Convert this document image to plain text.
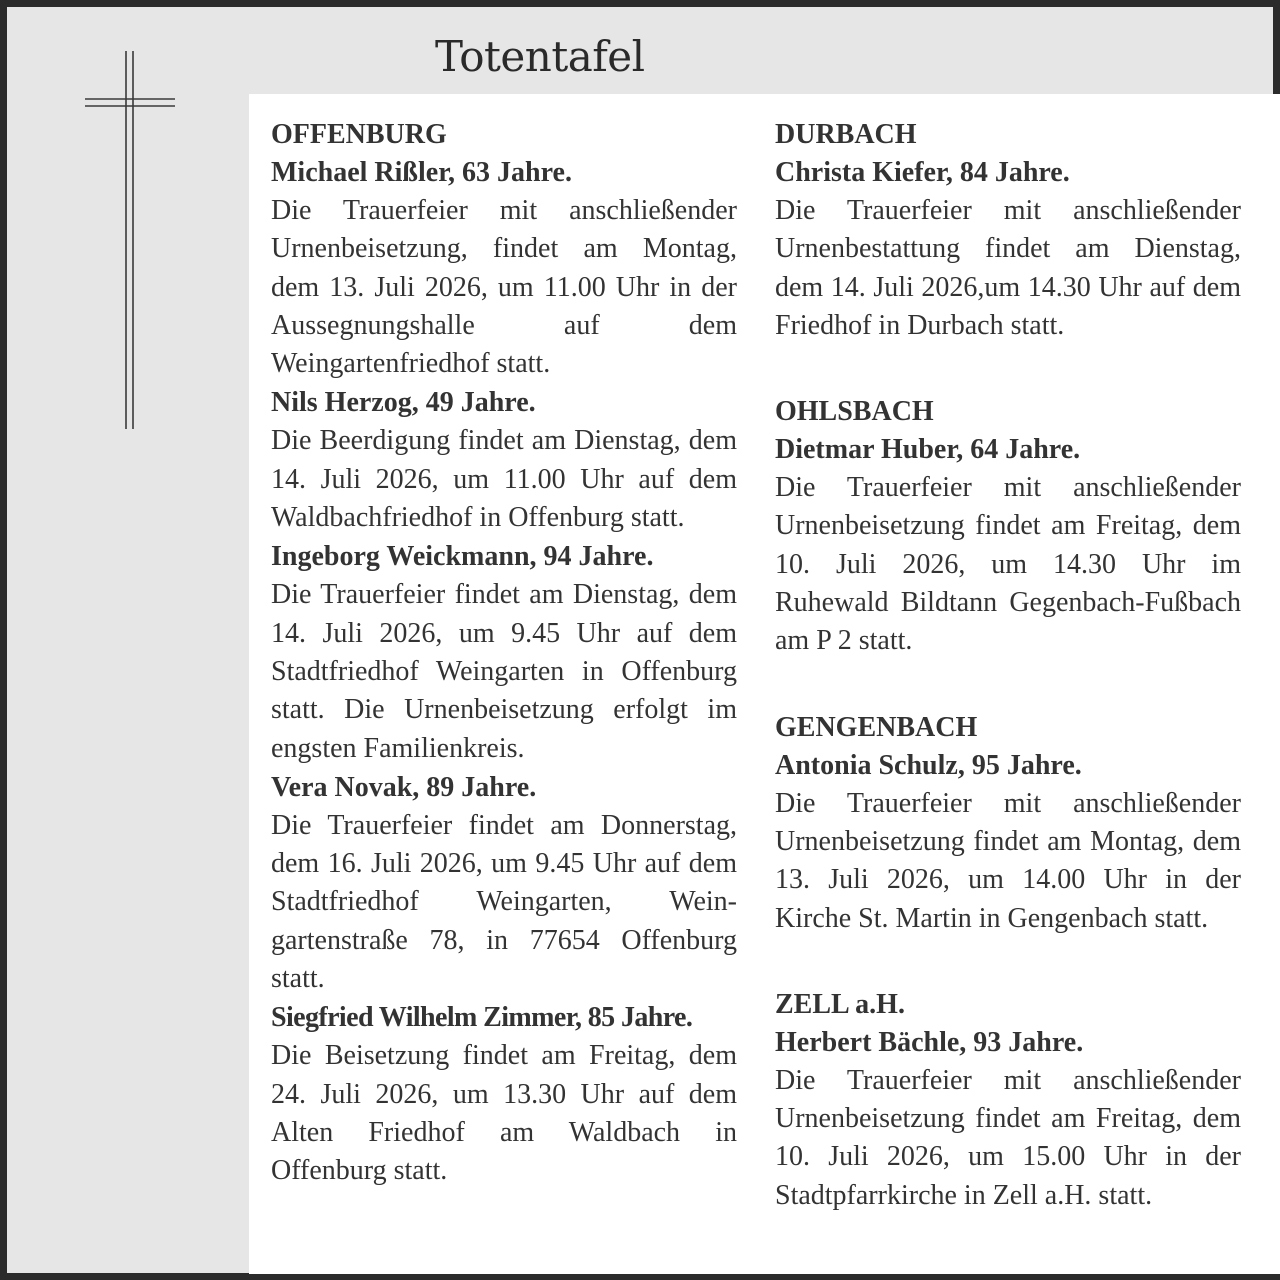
Totentafel

OFFENBURG

Michael Rißler, 63 Jahre.

Die Trauerfeier mit anschließender Urnenbeisetzung, findet am Montag, dem 13. Juli 2026, um 11.00 Uhr in der Aussegnungshalle auf dem Weingartenfriedhof statt.

Nils Herzog, 49 Jahre.

Die Beerdigung findet am Dienstag, dem 14. Juli 2026, um 11.00 Uhr auf dem Waldbachfriedhof in Offenburg statt.

Ingeborg Weickmann, 94 Jahre.

Die Trauerfeier findet am Dienstag, dem 14. Juli 2026, um 9.45 Uhr auf dem Stadtfriedhof Weingarten in Offenburg statt. Die Urnenbeisetzung erfolgt im engsten Familienkreis.

Vera Novak, 89 Jahre.

Die Trauerfeier findet am Donnerstag, dem 16. Juli 2026, um 9.45 Uhr auf dem Stadtfriedhof Weingarten, Weingartenstraße 78, in 77654 Offenburg statt.

Siegfried Wilhelm Zimmer, 85 Jahre.

Die Beisetzung findet am Freitag, dem 24. Juli 2026, um 13.30 Uhr auf dem Alten Friedhof am Waldbach in Offenburg statt.

DURBACH

Christa Kiefer, 84 Jahre.

Die Trauerfeier mit anschließender Urnenbestattung findet am Dienstag, dem 14. Juli 2026,um 14.30 Uhr auf dem Friedhof in Durbach statt.

OHLSBACH

Dietmar Huber, 64 Jahre.

Die Trauerfeier mit anschließender Urnenbeisetzung findet am Freitag, dem 10. Juli 2026, um 14.30 Uhr im Ruhewald Bildtann Gegenbach-Fußbach am P 2 statt.

GENGENBACH

Antonia Schulz, 95 Jahre.

Die Trauerfeier mit anschließender Urnenbeisetzung findet am Montag, dem 13. Juli 2026, um 14.00 Uhr in der Kirche St. Martin in Gengenbach statt.

ZELL a.H.

Herbert Bächle, 93 Jahre.

Die Trauerfeier mit anschließender Urnenbeisetzung findet am Freitag, dem 10. Juli 2026, um 15.00 Uhr in der Stadtpfarrkirche in Zell a.H. statt.
